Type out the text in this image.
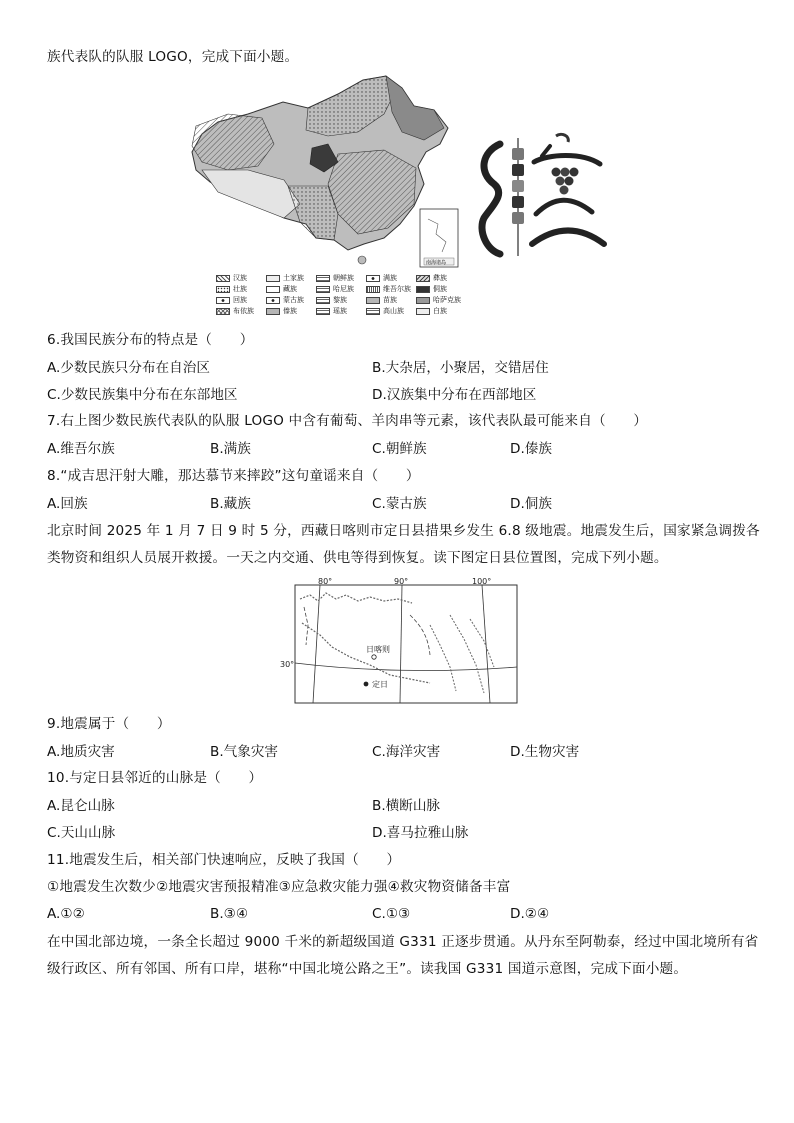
族代表队的队服 LOGO，完成下面小题。
南海诸岛
汉族	土家族	朝鲜族	满族	彝族
壮族	藏族	哈尼族	维吾尔族	侗族
回族	蒙古族	黎族	苗族	哈萨克族
布依族	傣族	瑶族	高山族	白族
6.我国民族分布的特点是（　　）
A.少数民族只分布在自治区	B.大杂居，小聚居，交错居住
C.少数民族集中分布在东部地区	D.汉族集中分布在西部地区
7.右上图少数民族代表队的队服 LOGO 中含有葡萄、羊肉串等元素，该代表队最可能来自（　　）
A.维吾尔族	B.满族	C.朝鲜族	D.傣族
8.“成吉思汗射大雕，那达慕节来摔跤”这句童谣来自（　　）
A.回族	B.藏族	C.蒙古族	D.侗族
北京时间 2025 年 1 月 7 日 9 时 5 分，西藏日喀则市定日县措果乡发生 6.8 级地震。地震发生后，国家紧急调拨各
类物资和组织人员展开救援。一天之内交通、供电等得到恢复。读下图定日县位置图，完成下列小题。
80°	90°	100°
30°
日喀则
定日
9.地震属于（　　）
A.地质灾害	B.气象灾害	C.海洋灾害	D.生物灾害
10.与定日县邻近的山脉是（　　）
A.昆仑山脉	B.横断山脉
C.天山山脉	D.喜马拉雅山脉
11.地震发生后，相关部门快速响应，反映了我国（　　）
①地震发生次数少②地震灾害预报精准③应急救灾能力强④救灾物资储备丰富
A.①②	B.③④	C.①③	D.②④
在中国北部边境，一条全长超过 9000 千米的新超级国道 G331 正逐步贯通。从丹东至阿勒泰，经过中国北境所有省
级行政区、所有邻国、所有口岸，堪称“中国北境公路之王”。读我国 G331 国道示意图，完成下面小题。
